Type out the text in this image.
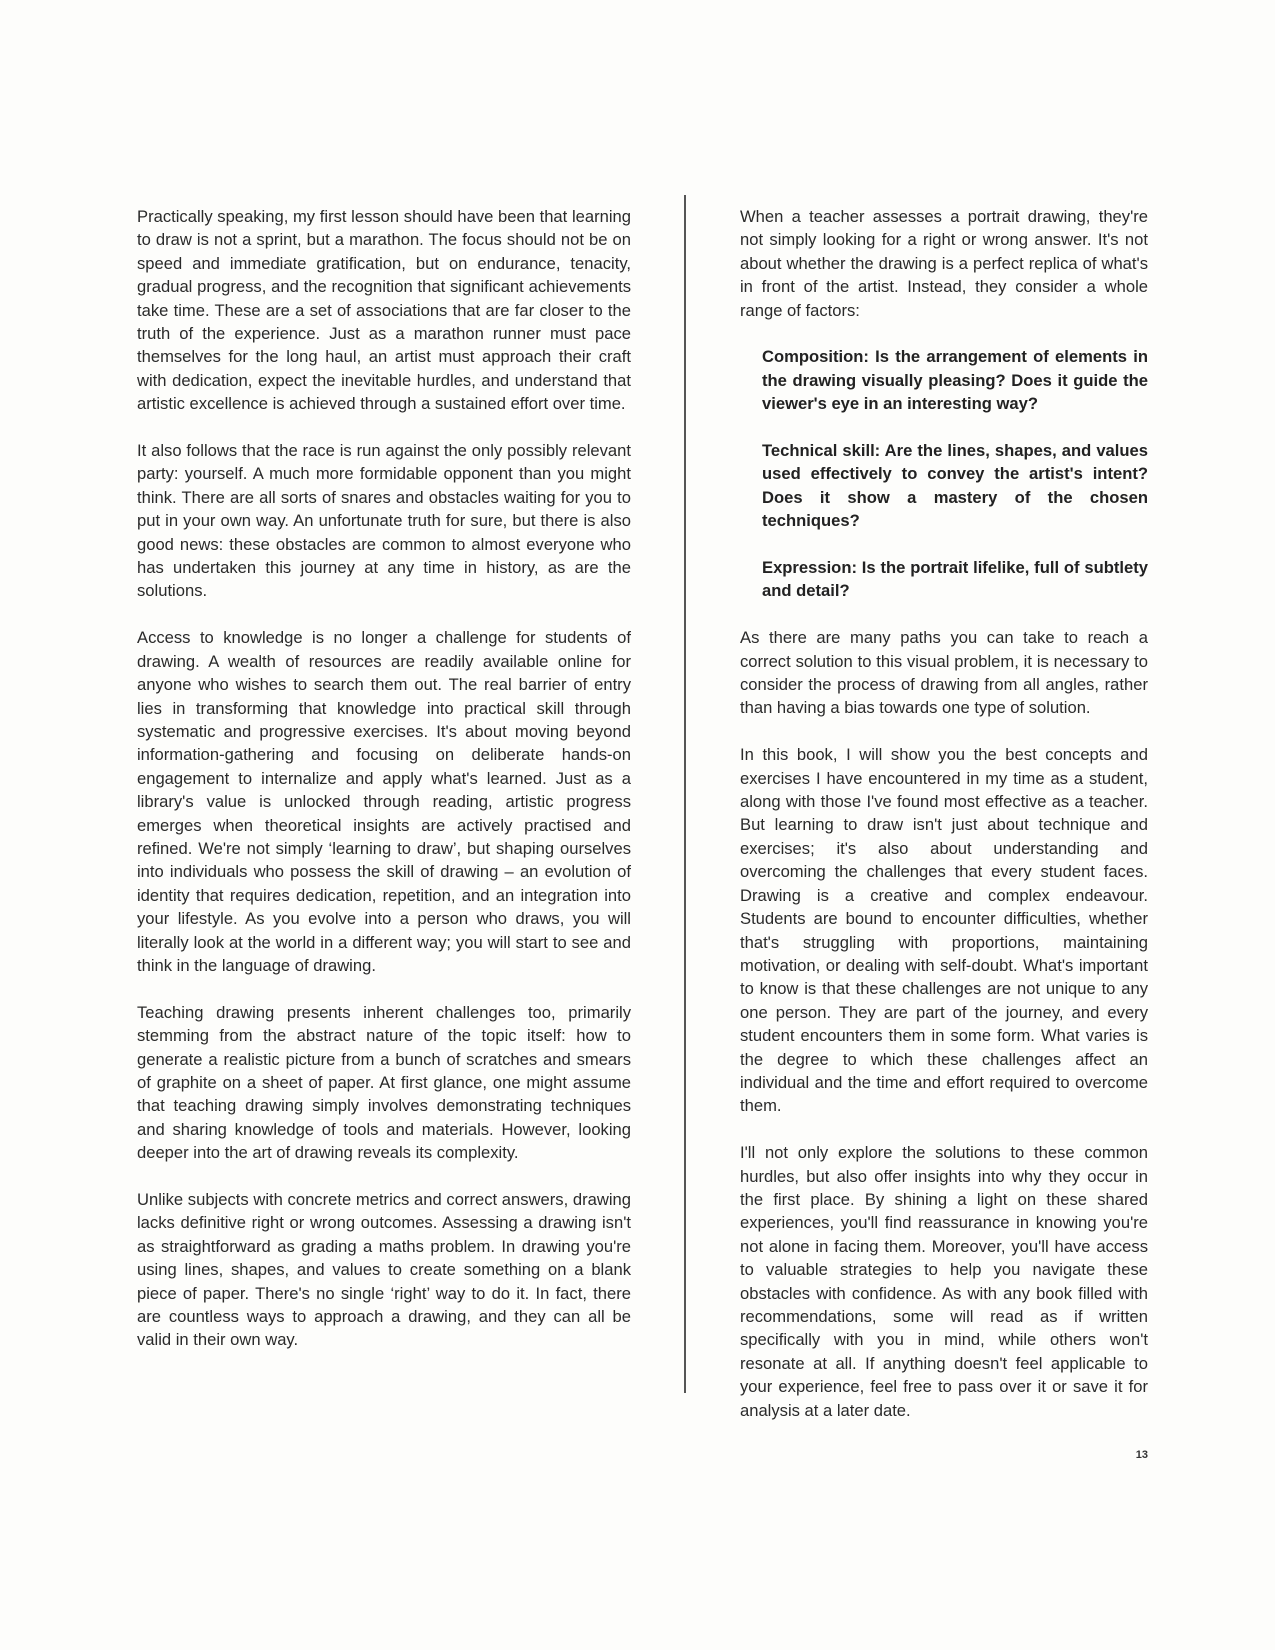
Practically speaking, my first lesson should have been that learning to draw is not a sprint, but a marathon. The focus should not be on speed and immediate gratification, but on endurance, tenacity, gradual progress, and the recognition that significant achievements take time. These are a set of associations that are far closer to the truth of the experience. Just as a marathon runner must pace themselves for the long haul, an artist must approach their craft with dedication, expect the inevitable hurdles, and understand that artistic excellence is achieved through a sustained effort over time.

It also follows that the race is run against the only possibly relevant party: yourself. A much more formidable opponent than you might think. There are all sorts of snares and obstacles waiting for you to put in your own way. An unfortunate truth for sure, but there is also good news: these obstacles are common to almost everyone who has undertaken this journey at any time in history, as are the solutions.

Access to knowledge is no longer a challenge for students of drawing. A wealth of resources are readily available online for anyone who wishes to search them out. The real barrier of entry lies in transforming that knowledge into practical skill through systematic and progressive exercises. It's about moving beyond information-gathering and focusing on deliberate hands-on engagement to internalize and apply what's learned. Just as a library's value is unlocked through reading, artistic progress emerges when theoretical insights are actively practised and refined. We're not simply ‘learning to draw’, but shaping ourselves into individuals who possess the skill of drawing – an evolution of identity that requires dedication, repetition, and an integration into your lifestyle. As you evolve into a person who draws, you will literally look at the world in a different way; you will start to see and think in the language of drawing.

Teaching drawing presents inherent challenges too, primarily stemming from the abstract nature of the topic itself: how to generate a realistic picture from a bunch of scratches and smears of graphite on a sheet of paper. At first glance, one might assume that teaching drawing simply involves demonstrating techniques and sharing knowledge of tools and materials. However, looking deeper into the art of drawing reveals its complexity.

Unlike subjects with concrete metrics and correct answers, drawing lacks definitive right or wrong outcomes. Assessing a drawing isn't as straightforward as grading a maths problem. In drawing you're using lines, shapes, and values to create something on a blank piece of paper. There's no single ‘right’ way to do it. In fact, there are countless ways to approach a drawing, and they can all be valid in their own way.

When a teacher assesses a portrait drawing, they're not simply looking for a right or wrong answer. It's not about whether the drawing is a perfect replica of what's in front of the artist. Instead, they consider a whole range of factors:

Composition: Is the arrangement of elements in the drawing visually pleasing? Does it guide the viewer's eye in an interesting way?

Technical skill: Are the lines, shapes, and values used effectively to convey the artist's intent? Does it show a mastery of the chosen techniques?

Expression: Is the portrait lifelike, full of subtlety and detail?

As there are many paths you can take to reach a correct solution to this visual problem, it is necessary to consider the process of drawing from all angles, rather than having a bias towards one type of solution.

In this book, I will show you the best concepts and exercises I have encountered in my time as a student, along with those I've found most effective as a teacher. But learning to draw isn't just about technique and exercises; it's also about understanding and overcoming the challenges that every student faces. Drawing is a creative and complex endeavour. Students are bound to encounter difficulties, whether that's struggling with proportions, maintaining motivation, or dealing with self-doubt. What's important to know is that these challenges are not unique to any one person. They are part of the journey, and every student encounters them in some form. What varies is the degree to which these challenges affect an individual and the time and effort required to overcome them.

I'll not only explore the solutions to these common hurdles, but also offer insights into why they occur in the first place. By shining a light on these shared experiences, you'll find reassurance in knowing you're not alone in facing them. Moreover, you'll have access to valuable strategies to help you navigate these obstacles with confidence. As with any book filled with recommendations, some will read as if written specifically with you in mind, while others won't resonate at all. If anything doesn't feel applicable to your experience, feel free to pass over it or save it for analysis at a later date.

13
